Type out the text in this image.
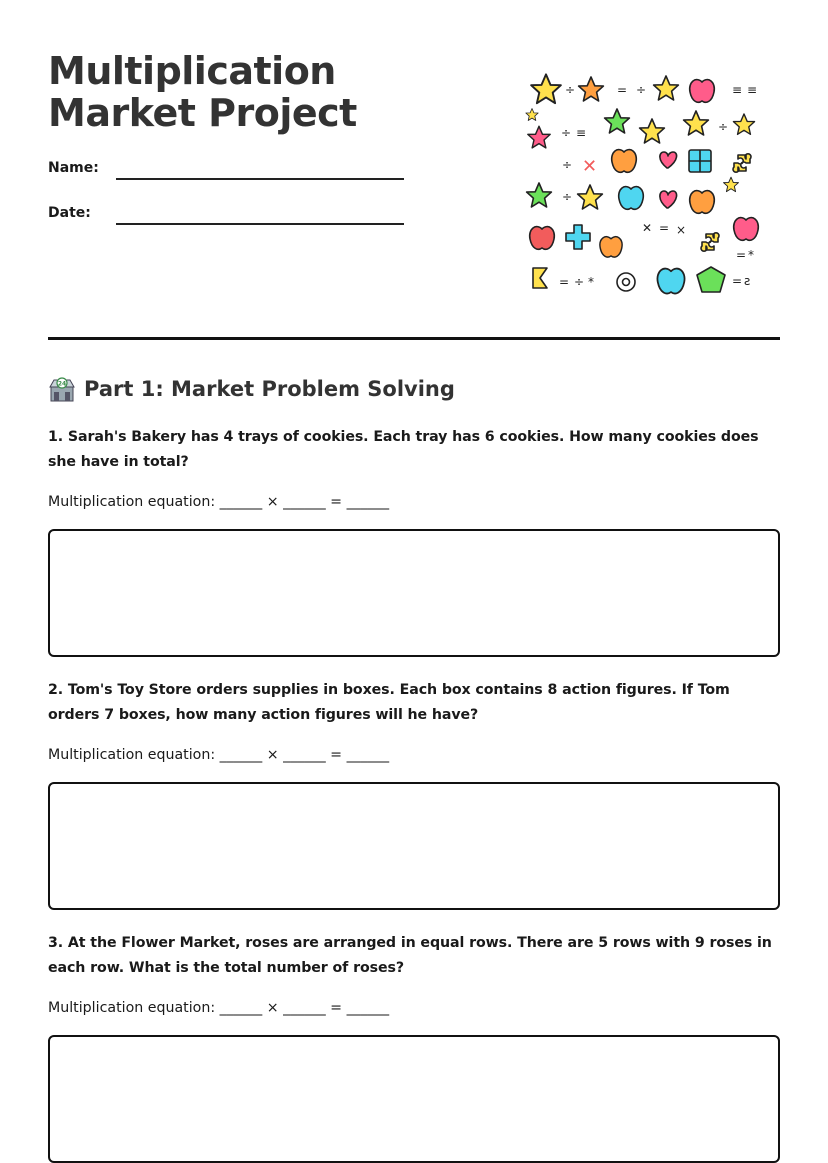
Multiplication Market Project
Name:
Date:
÷	= ÷	≡ ≡
÷ ≡	÷
÷ ✕
÷
✕ = ×
= *
= ÷ *	= ƨ
24 Part 1: Market Problem Solving

1. Sarah's Bakery has 4 trays of cookies. Each tray has 6 cookies. How many cookies does she have in total?

Multiplication equation: ______ × ______ = ______

2. Tom's Toy Store orders supplies in boxes. Each box contains 8 action figures. If Tom orders 7 boxes, how many action figures will he have?

Multiplication equation: ______ × ______ = ______

3. At the Flower Market, roses are arranged in equal rows. There are 5 rows with 9 roses in each row. What is the total number of roses?

Multiplication equation: ______ × ______ = ______
